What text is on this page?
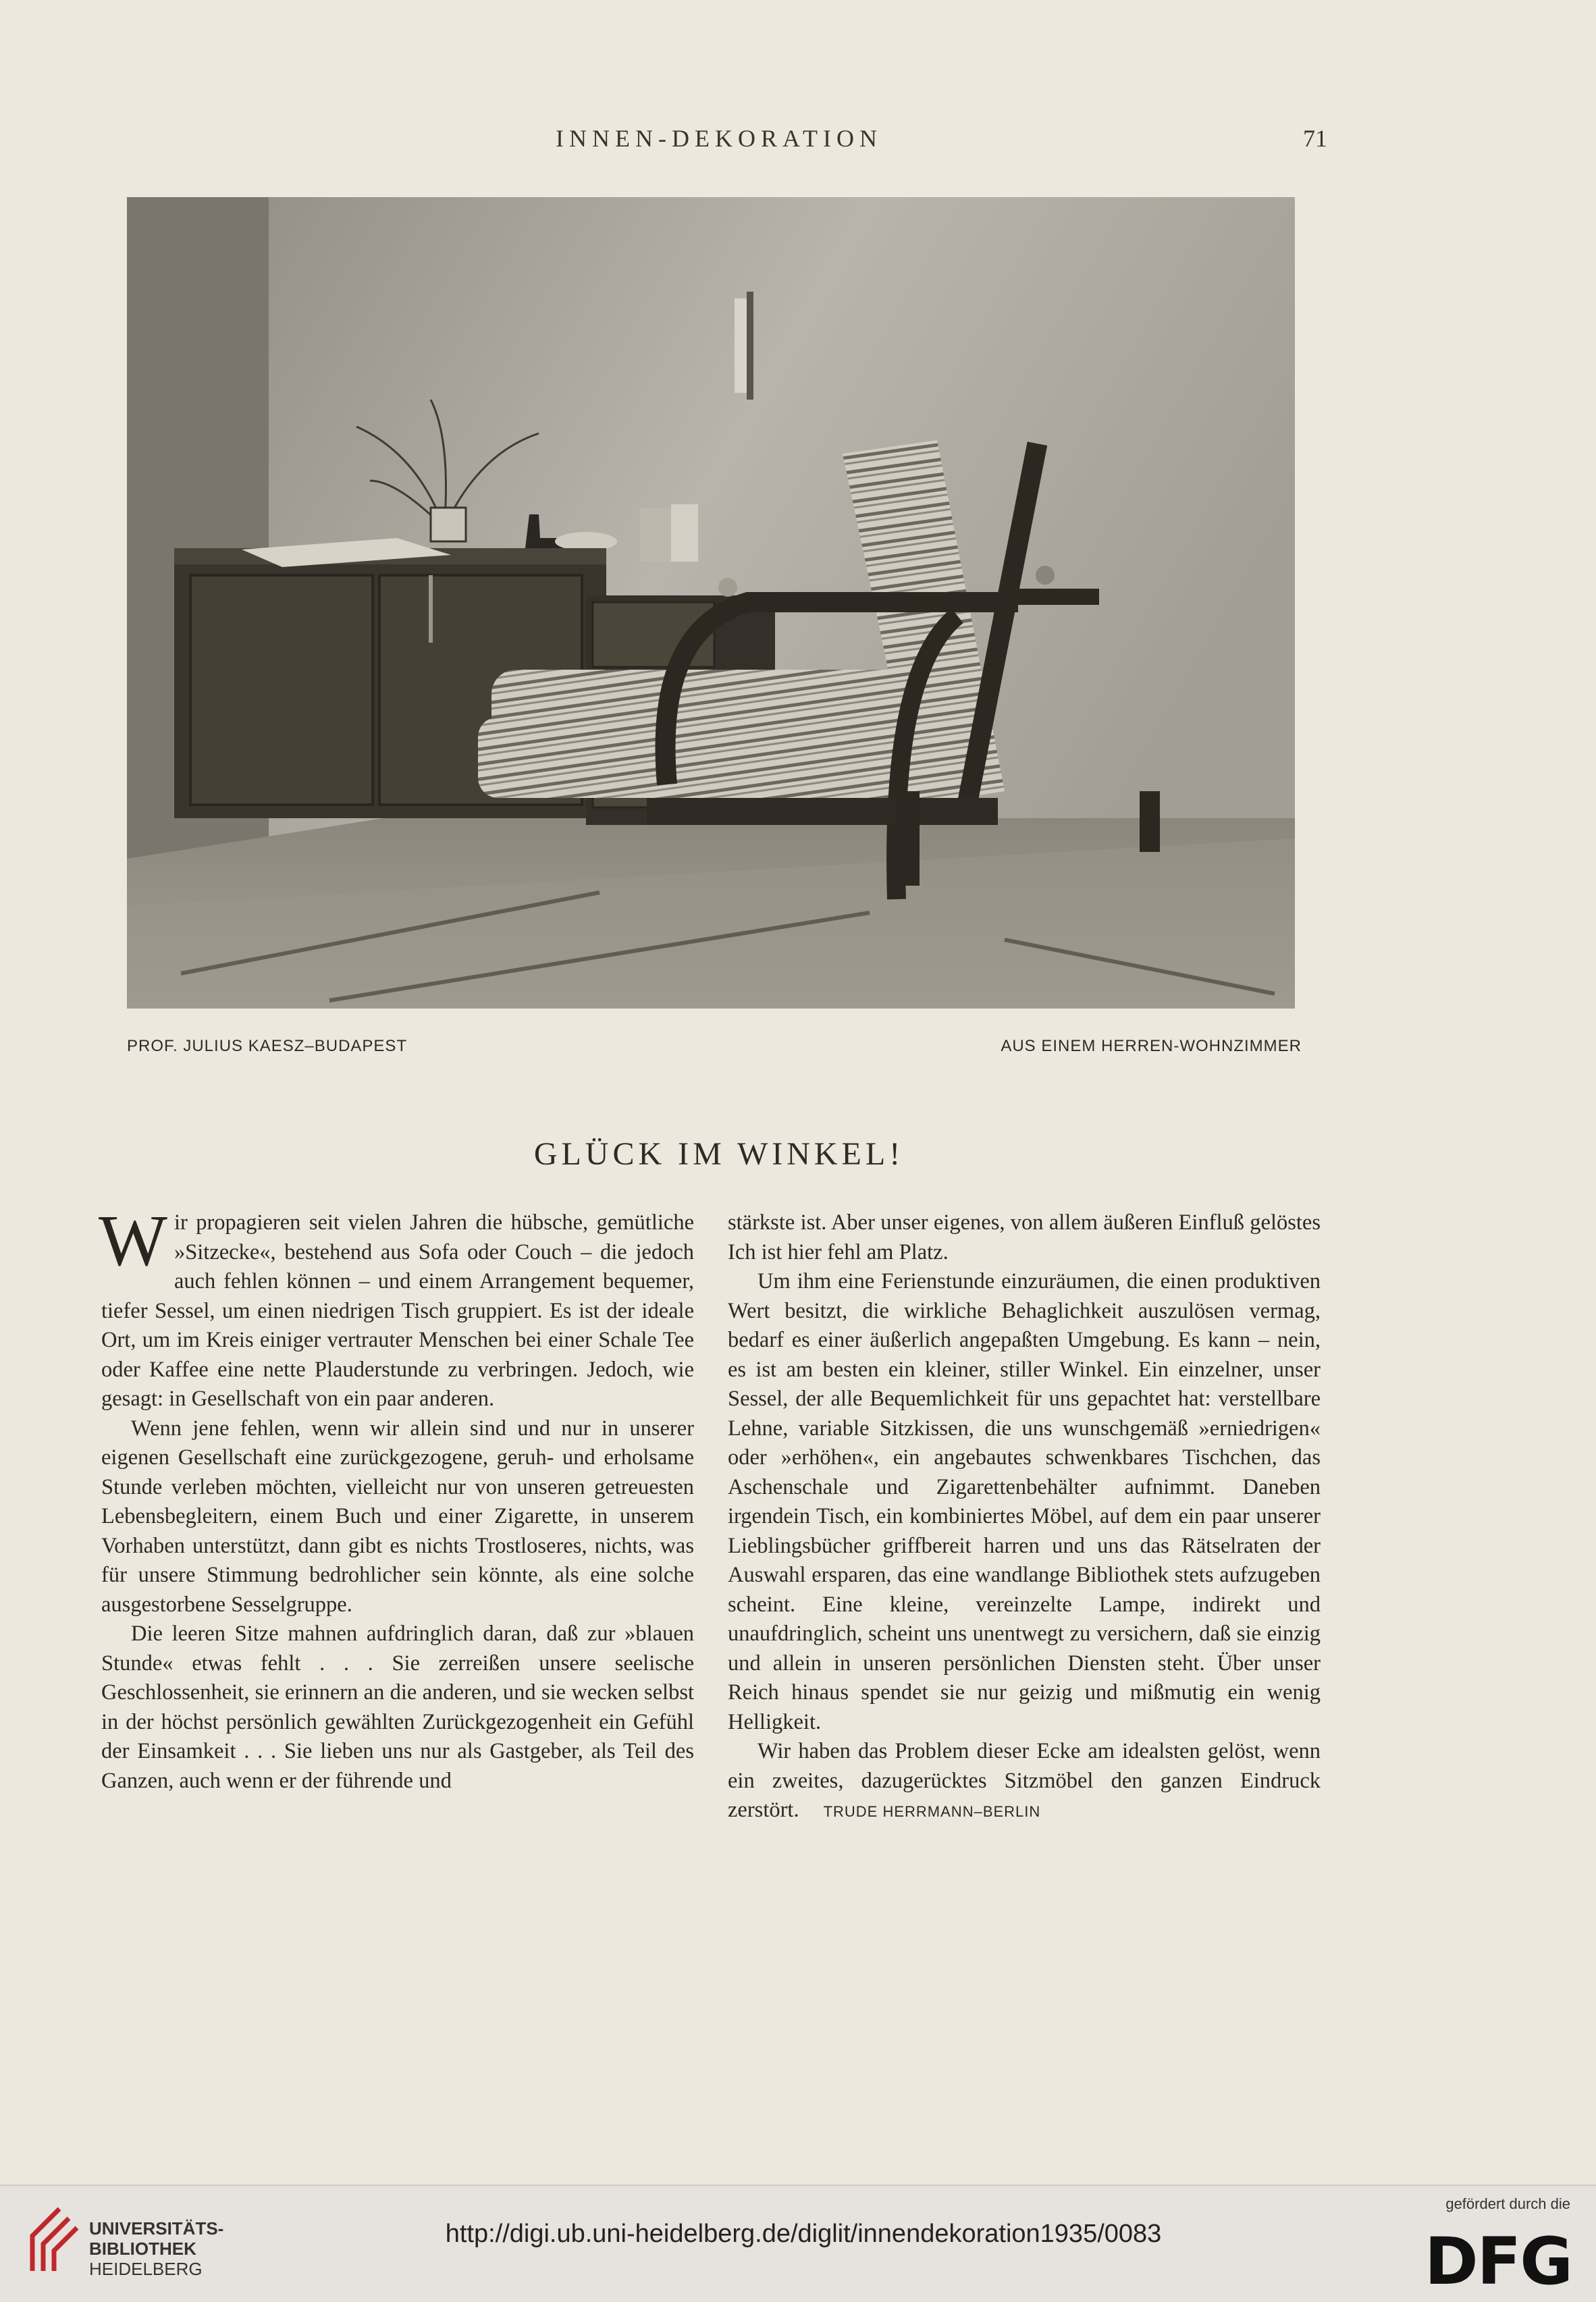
INNEN-DEKORATION	71
PROF. JULIUS KAESZ–BUDAPEST	AUS EINEM HERREN-WOHNZIMMER
GLÜCK IM WINKEL!

Wir propagieren seit vielen Jahren die hübsche, gemütliche »Sitzecke«, bestehend aus Sofa oder Couch – die jedoch auch fehlen können – und einem Arrangement bequemer, tiefer Sessel, um einen niedrigen Tisch gruppiert. Es ist der ideale Ort, um im Kreis einiger vertrauter Menschen bei einer Schale Tee oder Kaffee eine nette Plauderstunde zu verbringen. Jedoch, wie gesagt: in Gesellschaft von ein paar anderen.

Wenn jene fehlen, wenn wir allein sind und nur in unserer eigenen Gesellschaft eine zurückgezogene, geruh- und erholsame Stunde verleben möchten, vielleicht nur von unseren getreuesten Lebensbegleitern, einem Buch und einer Zigarette, in unserem Vorhaben unterstützt, dann gibt es nichts Trostloseres, nichts, was für unsere Stimmung bedrohlicher sein könnte, als eine solche ausgestorbene Sesselgruppe.

Die leeren Sitze mahnen aufdringlich daran, daß zur »blauen Stunde« etwas fehlt . . . Sie zerreißen unsere seelische Geschlossenheit, sie erinnern an die anderen, und sie wecken selbst in der höchst persönlich gewählten Zurückgezogenheit ein Gefühl der Einsamkeit . . . Sie lieben uns nur als Gastgeber, als Teil des Ganzen, auch wenn er der führende und

stärkste ist. Aber unser eigenes, von allem äußeren Einfluß gelöstes Ich ist hier fehl am Platz.

Um ihm eine Ferienstunde einzuräumen, die einen produktiven Wert besitzt, die wirkliche Behaglichkeit auszulösen vermag, bedarf es einer äußerlich angepaßten Umgebung. Es kann – nein, es ist am besten ein kleiner, stiller Winkel. Ein einzelner, unser Sessel, der alle Bequemlichkeit für uns gepachtet hat: verstellbare Lehne, variable Sitzkissen, die uns wunschgemäß »erniedrigen« oder »erhöhen«, ein angebautes schwenkbares Tischchen, das Aschenschale und Zigarettenbehälter aufnimmt. Daneben irgendein Tisch, ein kombiniertes Möbel, auf dem ein paar unserer Lieblingsbücher griffbereit harren und uns das Rätselraten der Auswahl ersparen, das eine wandlange Bibliothek stets aufzugeben scheint. Eine kleine, vereinzelte Lampe, indirekt und unaufdringlich, scheint uns unentwegt zu versichern, daß sie einzig und allein in unseren persönlichen Diensten steht. Über unser Reich hinaus spendet sie nur geizig und mißmutig ein wenig Helligkeit.

Wir haben das Problem dieser Ecke am idealsten gelöst, wenn ein zweites, dazugerücktes Sitzmöbel den ganzen Eindruck zerstört. TRUDE HERRMANN–BERLIN

UNIVERSITÄTS-
BIBLIOTHEK
HEIDELBERG
http://digi.ub.uni-heidelberg.de/diglit/innendekoration1935/0083
gefördert durch die
DFG
